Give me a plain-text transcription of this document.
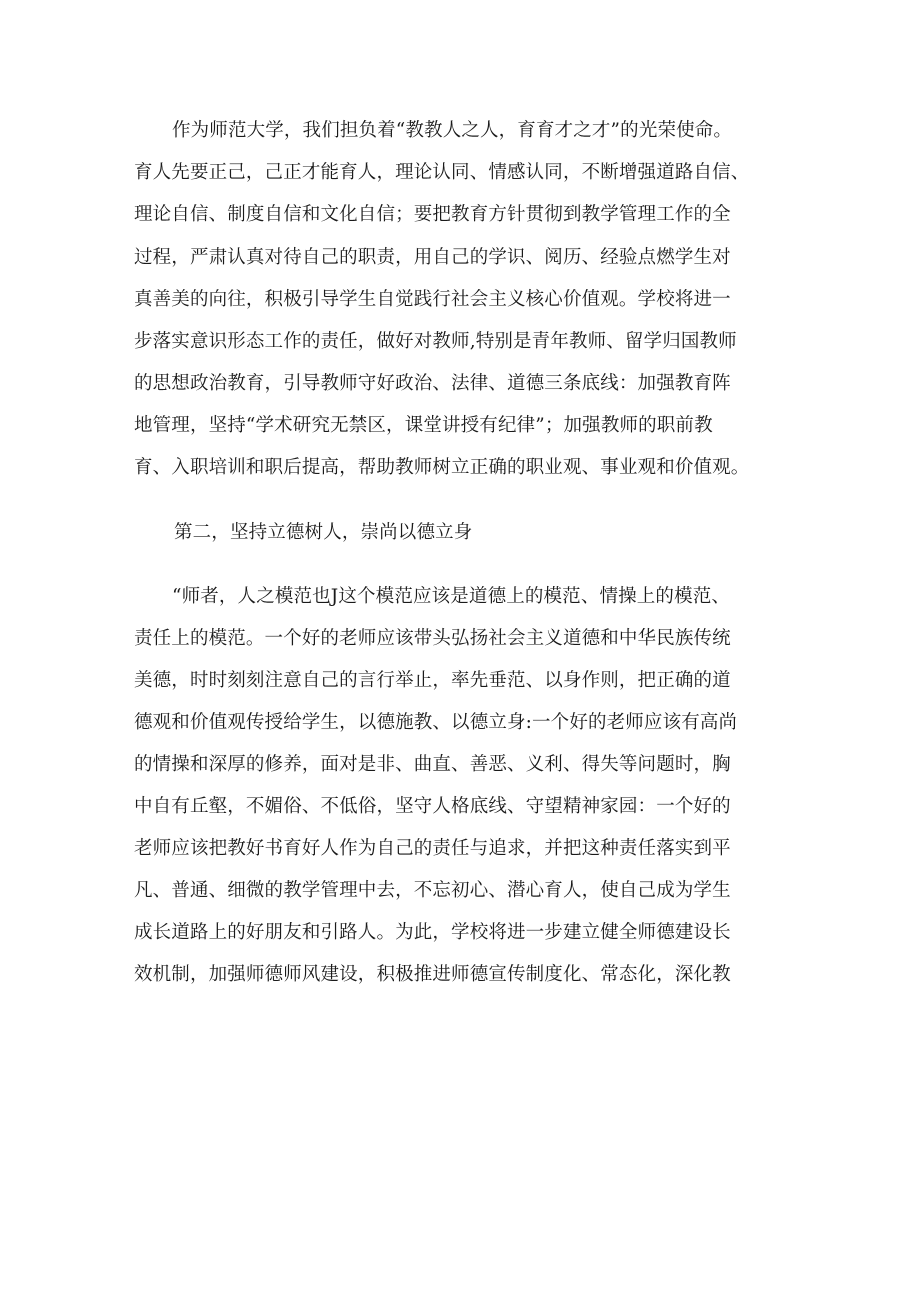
作为师范大学，我们担负着“教教人之人，育育才之才”的光荣使命。
育人先要正己，己正才能育人，理论认同、情感认同，不断增强道路自信、
理论自信、制度自信和文化自信；要把教育方针贯彻到教学管理工作的全
过程，严肃认真对待自己的职责，用自己的学识、阅历、经验点燃学生对
真善美的向往，积极引导学生自觉践行社会主义核心价值观。学校将进一
步落实意识形态工作的责任，做好对教师,特别是青年教师、留学归国教师
的思想政治教育，引导教师守好政治、法律、道德三条底线：加强教育阵
地管理，坚持“学术研究无禁区，课堂讲授有纪律”；加强教师的职前教
育、入职培训和职后提高，帮助教师树立正确的职业观、事业观和价值观。
第二，坚持立德树人，崇尚以德立身
“师者，人之模范也J这个模范应该是道德上的模范、情操上的模范、
责任上的模范。一个好的老师应该带头弘扬社会主义道德和中华民族传统
美德，时时刻刻注意自己的言行举止，率先垂范、以身作则，把正确的道
德观和价值观传授给学生，以德施教、以德立身:一个好的老师应该有高尚
的情操和深厚的修养，面对是非、曲直、善恶、义利、得失等问题时，胸
中自有丘壑，不媚俗、不低俗，坚守人格底线、守望精神家园：一个好的
老师应该把教好书育好人作为自己的责任与追求，并把这种责任落实到平
凡、普通、细微的教学管理中去，不忘初心、潜心育人，使自己成为学生
成长道路上的好朋友和引路人。为此，学校将进一步建立健全师德建设长
效机制，加强师德师风建设，积极推进师德宣传制度化、常态化，深化教
